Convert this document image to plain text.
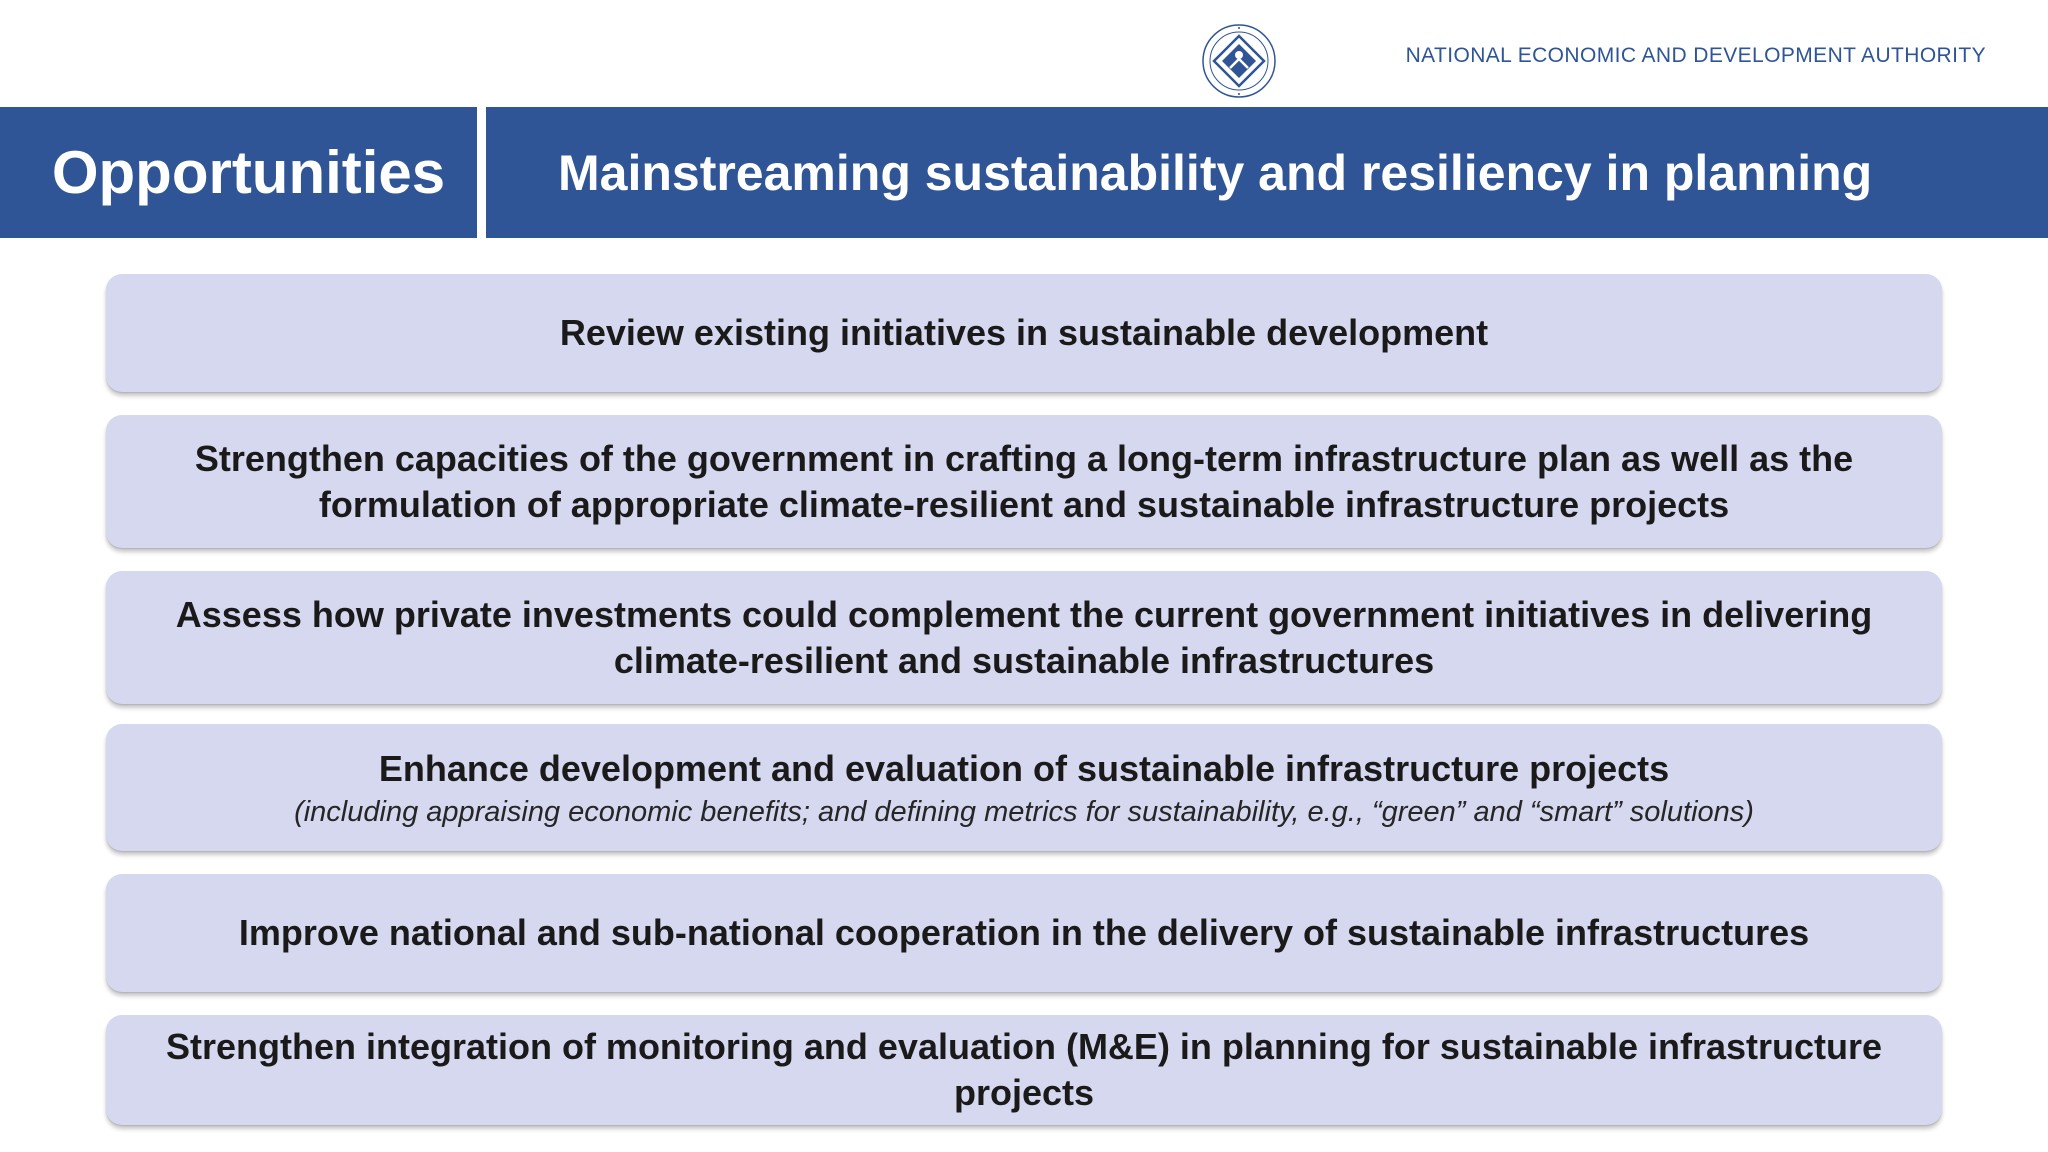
NATIONAL ECONOMIC AND DEVELOPMENT AUTHORITY
Opportunities	Mainstreaming sustainability and resiliency in planning
Review existing initiatives in sustainable development
Strengthen capacities of the government in crafting a long-term infrastructure plan as well as the formulation of appropriate climate-resilient and sustainable infrastructure projects
Assess how private investments could complement the current government initiatives in delivering climate-resilient and sustainable infrastructures
Enhance development and evaluation of sustainable infrastructure projects
(including appraising economic benefits; and defining metrics for sustainability, e.g., “green” and “smart” solutions)
Improve national and sub-national cooperation in the delivery of sustainable infrastructures
Strengthen integration of monitoring and evaluation (M&E) in planning for sustainable infrastructure projects
